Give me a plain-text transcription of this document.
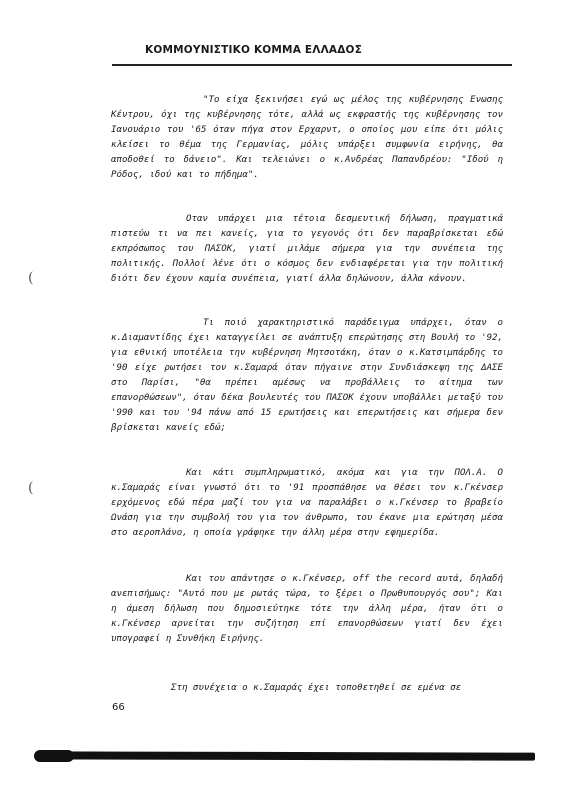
ΚΟΜΜΟΥΝΙΣΤΙΚΟ ΚΟΜΜΑ ΕΛΛΑΔΟΣ

"Το είχα ξεκινήσει εγώ ως μέλος της κυβέρνησης Ενωσης Κέντρου, όχι της κυβέρνησης τότε, αλλά ως εκφραστής της κυβέρνησης τον Ιανουάριο του '65 όταν πήγα στον Ερχαρντ, ο οποίος μου είπε ότι μόλις κλείσει το θέμα της Γερμανίας, μόλις υπάρξει συμφωνία ειρήνης, θα αποδοθεί το δάνειο". Και τελειώνει ο κ.Ανδρέας Παπανδρέου: "Ιδού η Ρόδος, ιδού και το πήδημα".

Οταν υπάρχει μια τέτοια δεσμευτική δήλωση, πραγματικά πιστεύω τι να πει κανείς, για το γεγονός ότι δεν παραβρίσκεται εδώ εκπρόσωπος του ΠΑΣΟΚ, γιατί μιλάμε σήμερα για την συνέπεια της πολιτικής. Πολλοί λένε ότι ο κόσμος δεν ενδιαφέρεται για την πολιτική διότι δεν έχουν καμία συνέπεια, γιατί άλλα δηλώνουν, άλλα κάνουν.

Τι ποιό χαρακτηριστικό παράδειγμα υπάρχει, όταν ο κ.Διαμαντίδης έχει καταγγείλει σε ανάπτυξη επερώτησης στη Βουλή το '92, για εθνική υποτέλεια την κυβέρνηση Μητσοτάκη, όταν ο κ.Κατσιμπάρδης το '90 είχε ρωτήσει τον κ.Σαμαρά όταν πήγαινε στην Συνδιάσκεψη της ΔΑΣΕ στο Παρίσι, "θα πρέπει αμέσως να προβάλλεις το αίτημα των επανορθώσεων", όταν δέκα βουλευτές του ΠΑΣΟΚ έχουν υποβάλλει μεταξύ του '990 και του '94 πάνω από 15 ερωτήσεις και επερωτήσεις και σήμερα δεν βρίσκεται κανείς εδώ;

Και κάτι συμπληρωματικό, ακόμα και για την ΠΟΛ.Α. Ο κ.Σαμαράς είναι γνωστό ότι το '91 προσπάθησε να θέσει τον κ.Γκένσερ ερχόμενος εδώ πέρα μαζί του για να παραλάβει ο κ.Γκένσερ το βραβείο Ωνάση για την συμβολή του για τον άνθρωπο, του έκανε μια ερώτηση μέσα στο αεροπλάνο, η οποία γράφηκε την άλλη μέρα στην εφημερίδα.

Και του απάντησε ο κ.Γκένσερ, off the record αυτά, δηλαδή ανεπισήμως: "Αυτό που με ρωτάς τώρα, το ξέρει ο Πρωθυπουργός σου"; Και η άμεση δήλωση που δημοσιεύτηκε τότε την άλλη μέρα, ήταν ότι ο κ.Γκένσερ αρνείται την συζήτηση επί επανορθώσεων γιατί δεν έχει υπογραφεί η Συνθήκη Ειρήνης.

Στη συνέχεια ο κ.Σαμαράς έχει τοποθετηθεί σε εμένα σε

(
(
66
